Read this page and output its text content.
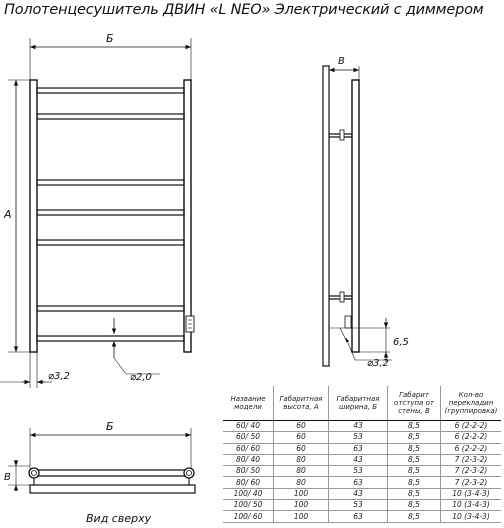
Полотенцесушитель ДВИН «L NEO» Электрический с диммером
Б
А
⌀3,2	⌀2,0
В
6,5
⌀3,2
Б
В
Вид сверху
Название модели	Габаритная высота, А	Габаритная ширина, Б	Габарит отступа от стены, В	Кол-во перекладин (группировка)
60/ 40	60	43	8,5	6 (2-2-2)
60/ 50	60	53	8,5	6 (2-2-2)
60/ 60	60	63	8,5	6 (2-2-2)
80/ 40	80	43	8,5	7 (2-3-2)
80/ 50	80	53	8,5	7 (2-3-2)
80/ 60	80	63	8,5	7 (2-3-2)
100/ 40	100	43	8,5	10 (3-4-3)
100/ 50	100	53	8,5	10 (3-4-3)
100/ 60	100	63	8,5	10 (3-4-3)
